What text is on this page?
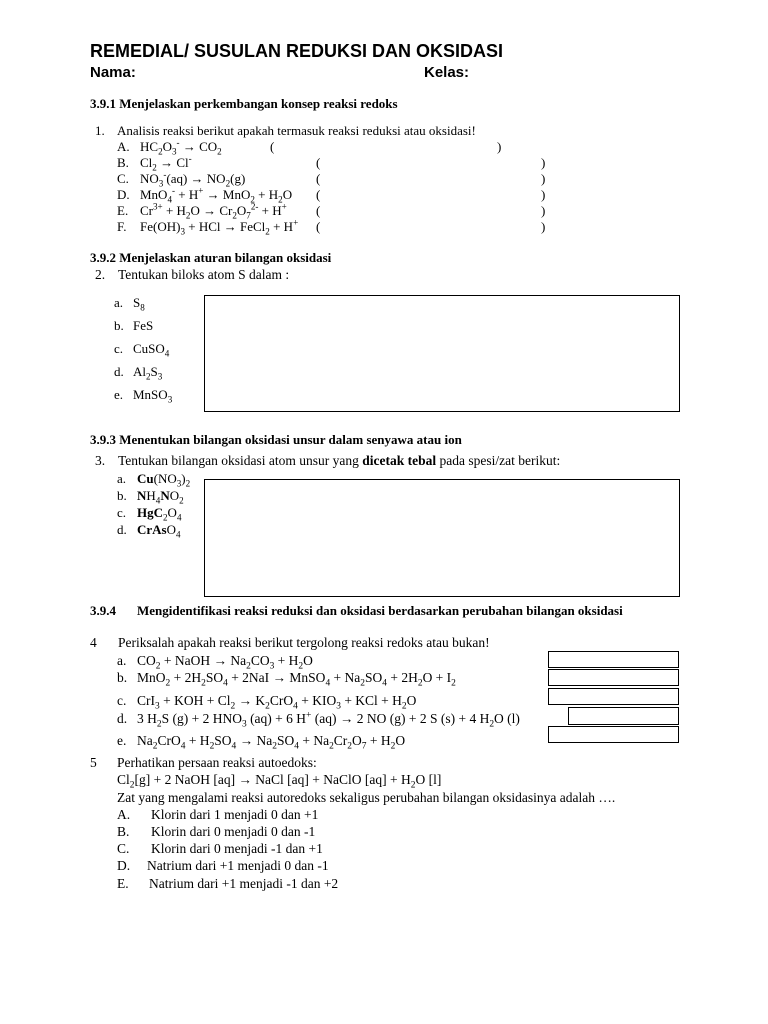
REMEDIAL/ SUSULAN REDUKSI DAN OKSIDASI
Nama:	Kelas:
3.9.1 Menjelaskan perkembangan konsep reaksi redoks
1. Analisis reaksi berikut apakah termasuk reaksi reduksi atau oksidasi!
A. $HC_2O_3^- \to CO_2$	(	)
B. $Cl_2 \to Cl^-$	(	)
C. $NO_3^-(aq) \to NO_2(g)$	(	)
D. $MnO_4^- + H^+ \to MnO_2 + H_2O$ (	)
E. $Cr^{3+} + H_2O \to Cr_2O_7^{2-} + H^+$ (	)
F. $Fe(OH)_3$ + HCl → FeCl$_2$ + H+ (	)
3.9.2 Menjelaskan aturan bilangan oksidasi
2. Tentukan biloks atom S dalam :
a. $S_8$
b. FeS
c. CuSO$_4$
d. $Al_2S_3$
e. MnSO$_3$
3.9.3 Menentukan bilangan oksidasi unsur dalam senyawa atau ion
3. Tentukan bilangan oksidasi atom unsur yang dicetak tebal pada spesi/zat berikut:
a. $Cu(NO_3)_2$
b. $NH_4NO_2$
c. $HgC_2O_4$
d. CrAsO$_4$
3.9.4 Mengidentifikasi reaksi reduksi dan oksidasi berdasarkan perubahan bilangan oksidasi
4 Periksalah apakah reaksi berikut tergolong reaksi redoks atau bukan!
a. $CO_2$ + NaOH → $Na_2CO_3 + H_2O$
b. $MnO_2 + 2H_2SO_4 + 2NaI$ → MnSO$_4$ + $Na_2SO_4 + 2H_2O + I_2$
c. CrI$_3$ + KOH + $Cl_2 \to K_2CrO_4 + KIO_3$ + KCl + $H_2O$
d. 3 $H_2S$ (g) + 2 $HNO_3$ (aq) + 6 H+ (aq) → 2 NO (g) + 2 S (s) + 4 $H_2O$ (l)
e. $Na_2CrO_4 + H_2SO_4 \to Na_2SO_4 + Na_2Cr_2O_7 + H_2O$
5 Perhatikan persaan reaksi autoedoks:
$Cl_2[g] + 2$ NaOH [aq] → NaCl [aq] + NaClO $[aq] + H_2O$ [l]
Zat yang mengalami reaksi autoredoks sekaligus perubahan bilangan oksidasinya adalah ….
A. Klorin dari 1 menjadi 0 dan +1
B. Klorin dari 0 menjadi 0 dan -1
C. Klorin dari 0 menjadi -1 dan +1
D. Natrium dari +1 menjadi 0 dan -1
E. Natrium dari +1 menjadi -1 dan +2
